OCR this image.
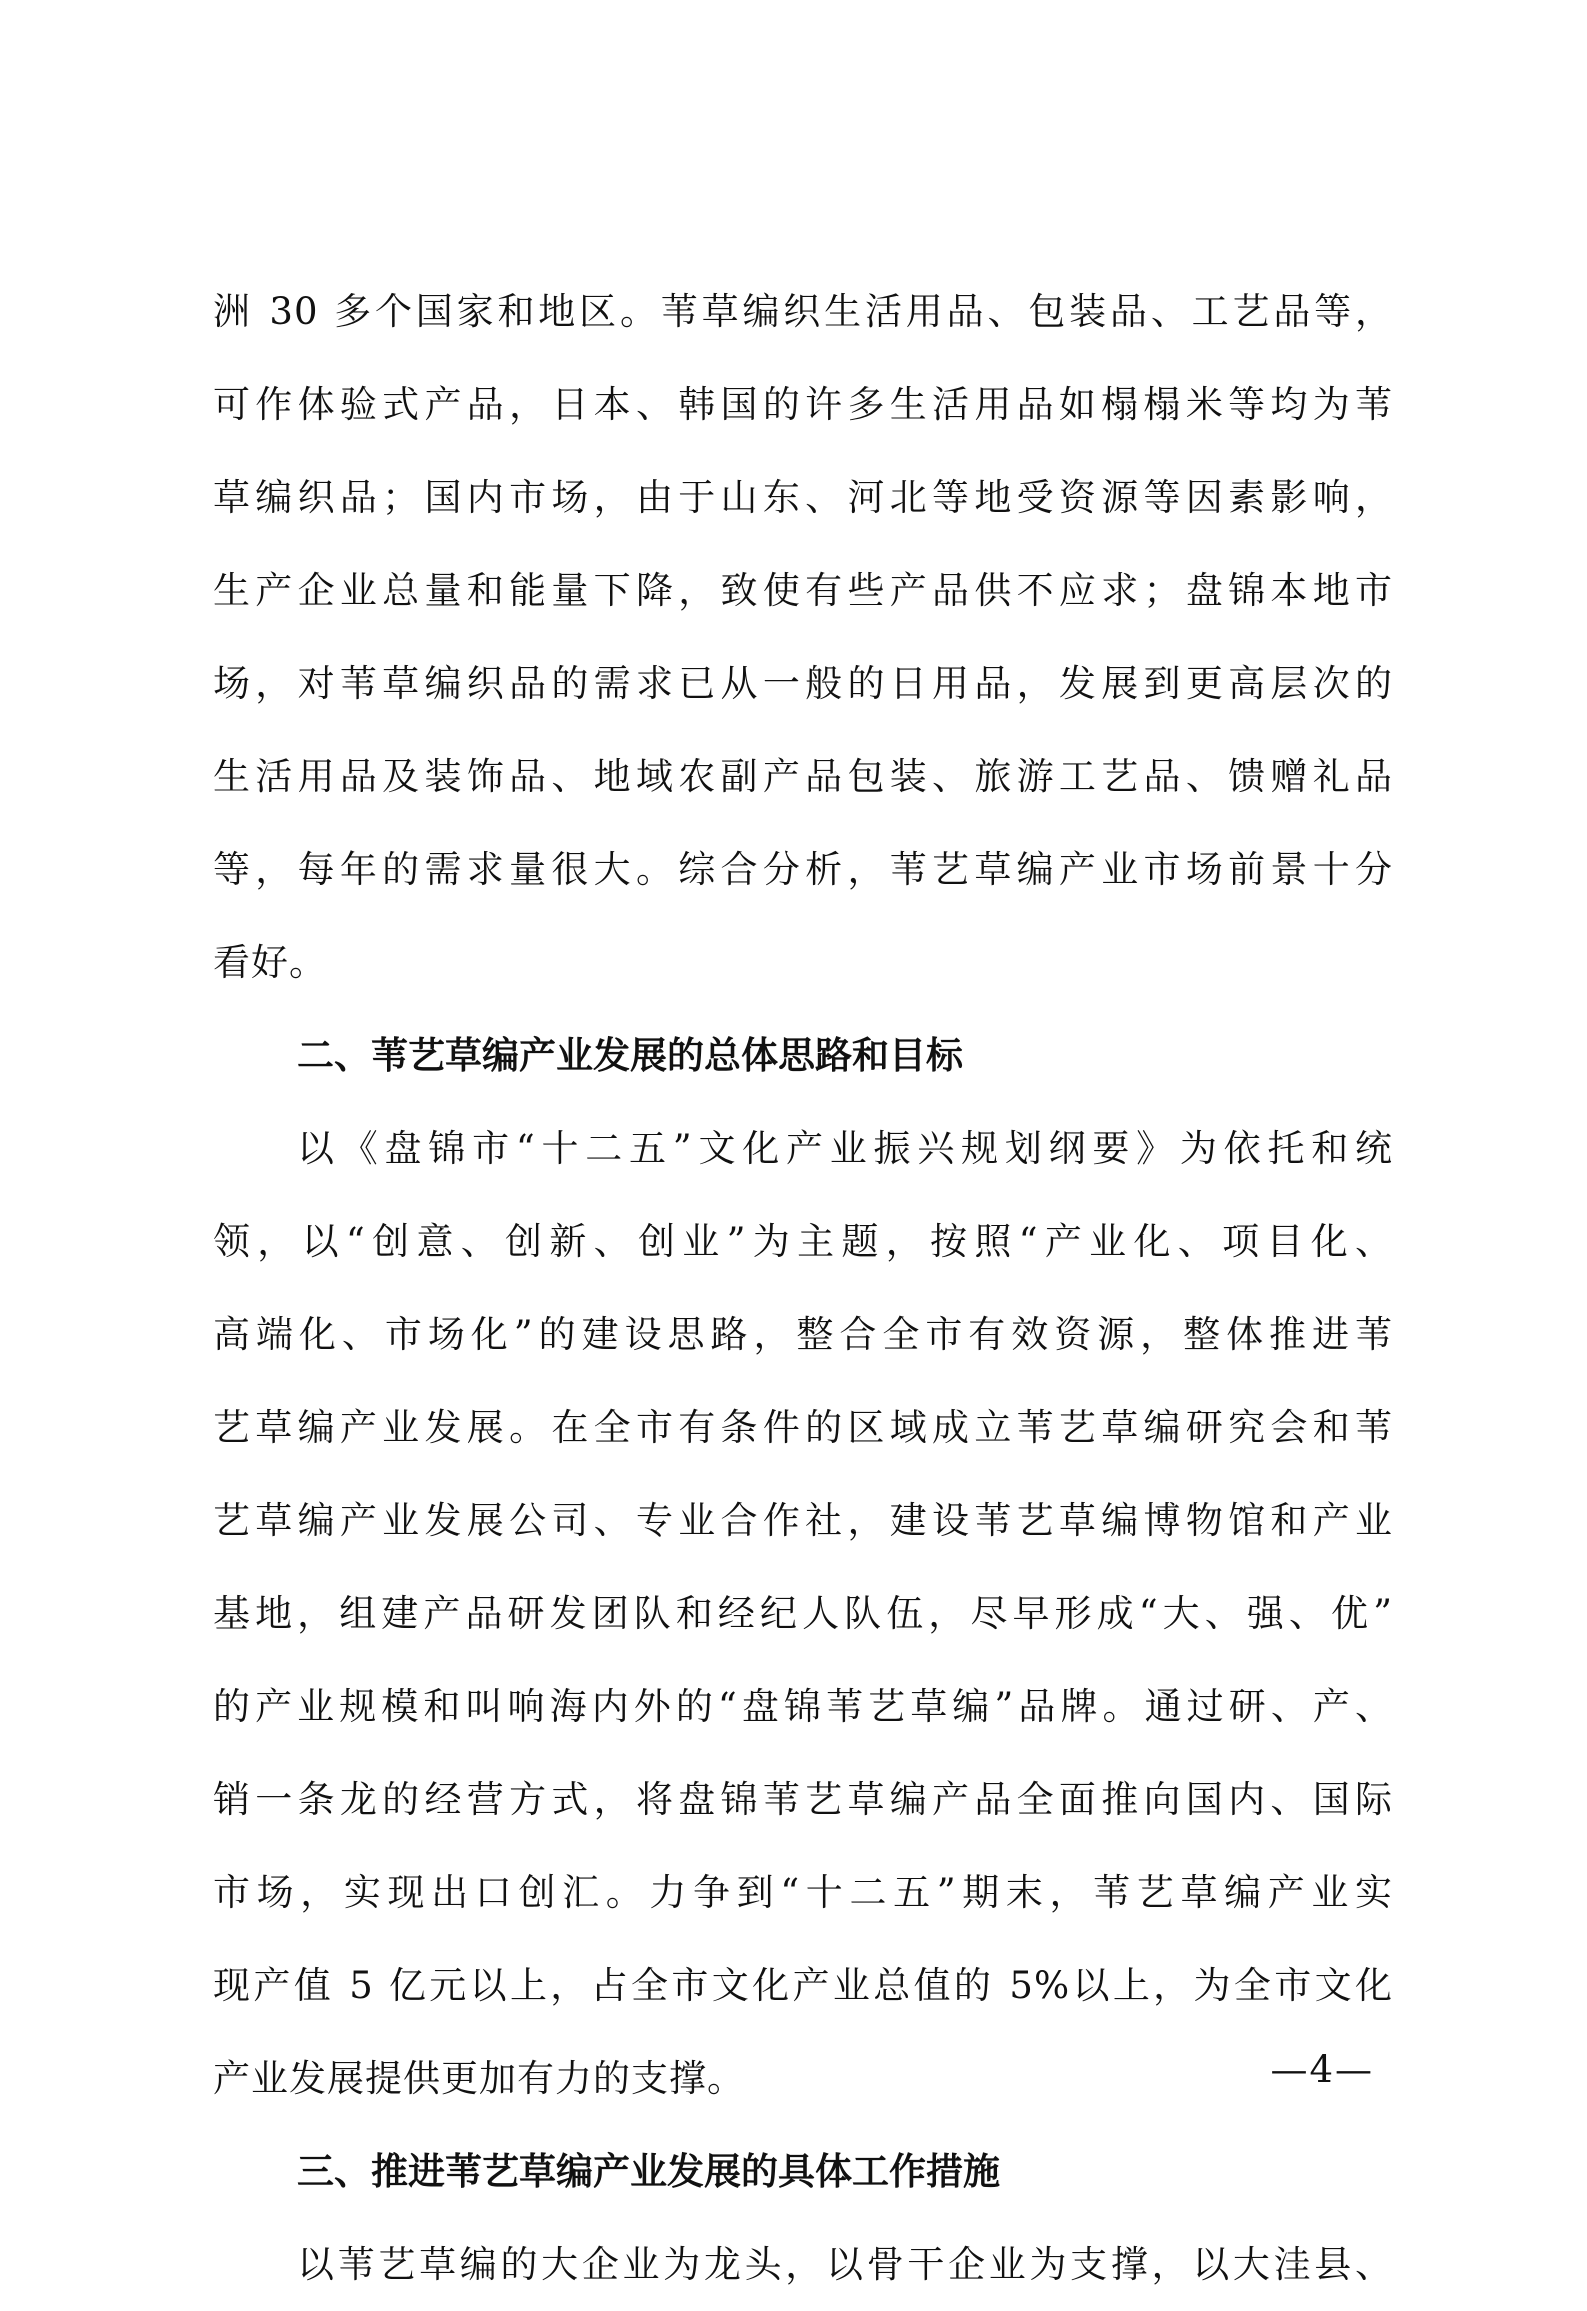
洲 30 多个国家和地区。苇草编织生活用品、包装品、工艺品等，
可作体验式产品，日本、韩国的许多生活用品如榻榻米等均为苇
草编织品；国内市场，由于山东、河北等地受资源等因素影响，
生产企业总量和能量下降，致使有些产品供不应求；盘锦本地市
场，对苇草编织品的需求已从一般的日用品，发展到更高层次的
生活用品及装饰品、地域农副产品包装、旅游工艺品、馈赠礼品
等，每年的需求量很大。综合分析，苇艺草编产业市场前景十分
看好。
二、苇艺草编产业发展的总体思路和目标
以《盘锦市“十二五”文化产业振兴规划纲要》为依托和统
领，以“创意、创新、创业”为主题，按照“产业化、项目化、
高端化、市场化”的建设思路，整合全市有效资源，整体推进苇
艺草编产业发展。在全市有条件的区域成立苇艺草编研究会和苇
艺草编产业发展公司、专业合作社，建设苇艺草编博物馆和产业
基地，组建产品研发团队和经纪人队伍，尽早形成“大、强、优”
的产业规模和叫响海内外的“盘锦苇艺草编”品牌。通过研、产、
销一条龙的经营方式，将盘锦苇艺草编产品全面推向国内、国际
市场，实现出口创汇。力争到“十二五”期末，苇艺草编产业实
现产值 5 亿元以上，占全市文化产业总值的 5%以上，为全市文化
产业发展提供更加有力的支撑。
三、推进苇艺草编产业发展的具体工作措施
以苇艺草编的大企业为龙头，以骨干企业为支撑，以大洼县、
—4—
